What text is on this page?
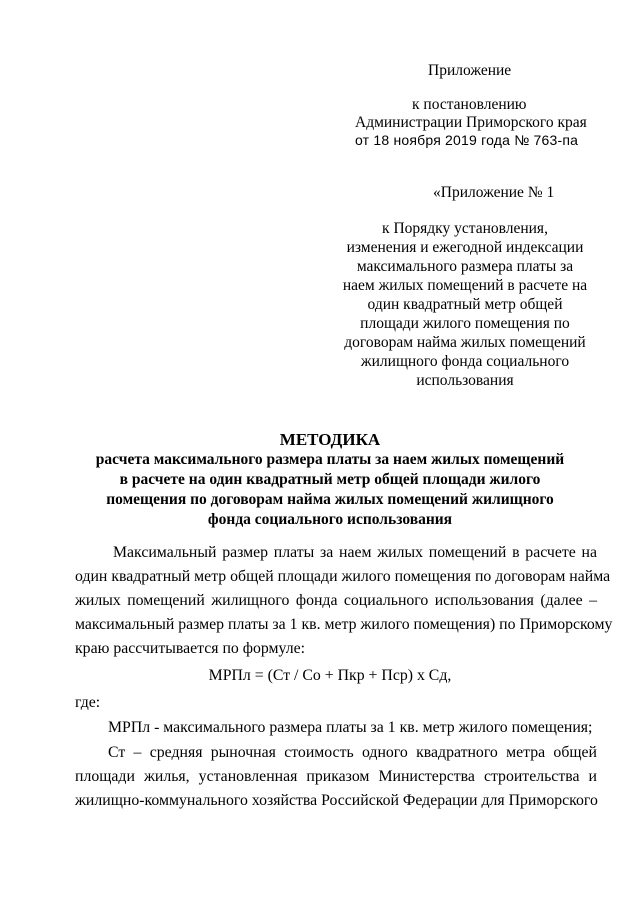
Приложение
к постановлению
Администрации Приморского края
от 18 ноября 2019 года № 763-па
«Приложение № 1
к Порядку установления,
изменения и ежегодной индексации
максимального размера платы за
наем жилых помещений в расчете на
один квадратный метр общей
площади жилого помещения по
договорам найма жилых помещений
жилищного фонда социального
использования
МЕТОДИКА
расчета максимального размера платы за наем жилых помещений
в расчете на один квадратный метр общей площади жилого
помещения по договорам найма жилых помещений жилищного
фонда социального использования
Максимальный размер платы за наем жилых помещений в расчете на
один квадратный метр общей площади жилого помещения по договорам найма
жилых помещений жилищного фонда социального использования (далее –
максимальный размер платы за 1 кв. метр жилого помещения) по Приморскому
краю рассчитывается по формуле:
МРПл = (Ст / Со + Пкр + Пср) х Сд,
где:
МРПл - максимального размера платы за 1 кв. метр жилого помещения;
Ст – средняя рыночная стоимость одного квадратного метра общей
площади жилья, установленная приказом Министерства строительства и
жилищно-коммунального хозяйства Российской Федерации для Приморского
